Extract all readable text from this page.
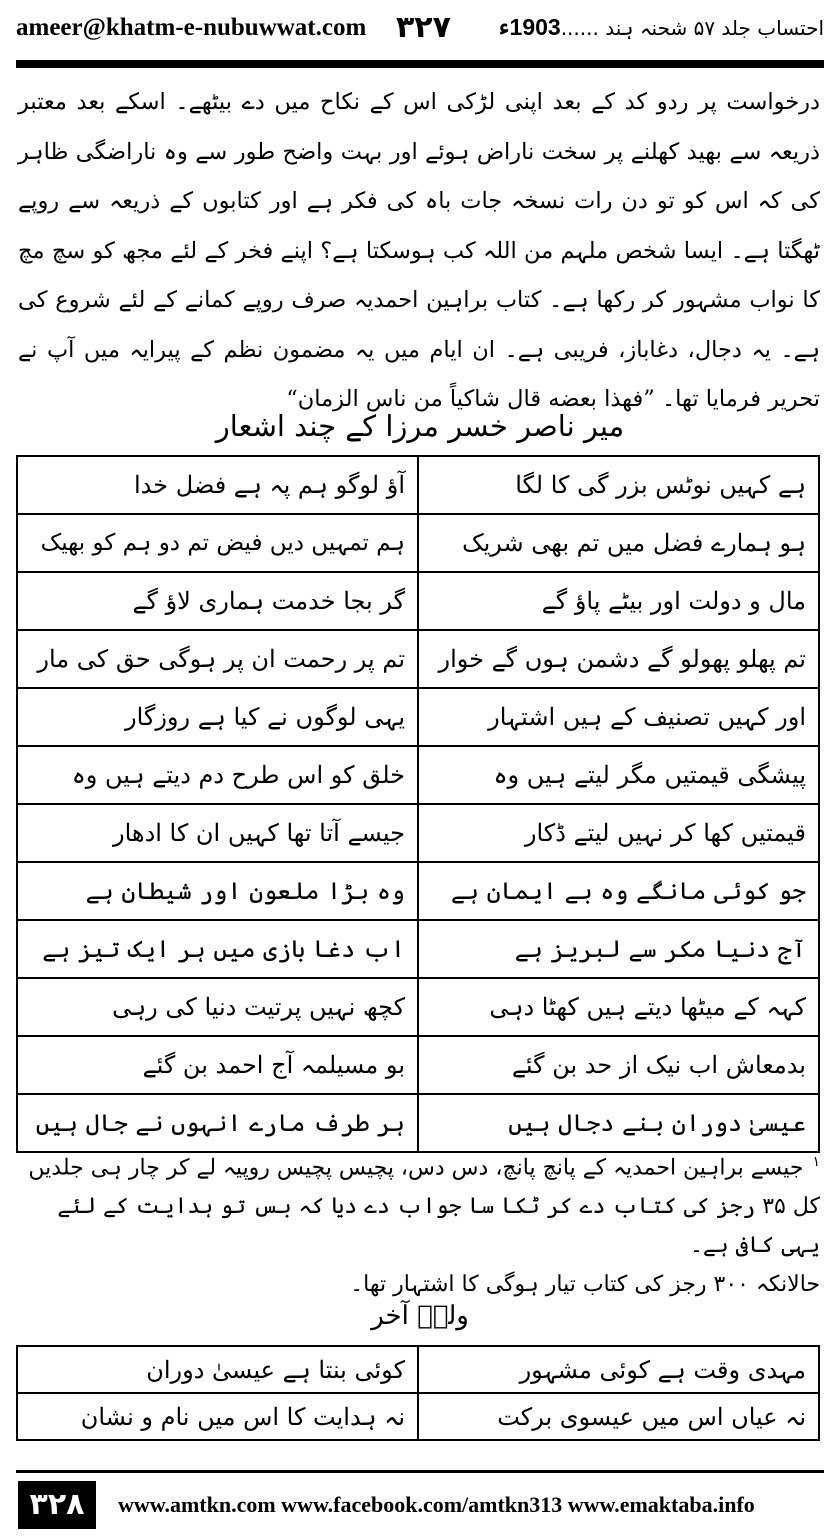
ameer@khatm-e-nubuwwat.com ۳۲۷	احتساب جلد ۵۷ شحنہ ہند ......1903ء
درخواست پر ردو کد کے بعد اپنی لڑکی اس کے نکاح میں دے بیٹھے۔ اسکے بعد معتبر ذریعہ سے بھید کھلنے پر سخت ناراض ہوئے اور بہت واضح طور سے وہ ناراضگی ظاہر کی کہ اس کو تو دن رات نسخہ جات باہ کی فکر ہے اور کتابوں کے ذریعہ سے روپے ٹھگتا ہے۔ ایسا شخص ملہم من اللہ کب ہوسکتا ہے؟ اپنے فخر کے لئے مجھ کو سچ مچ کا نواب مشہور کر رکھا ہے۔ کتاب براہین احمدیہ صرف روپے کمانے کے لئے شروع کی ہے۔ یہ دجال، دغاباز، فریبی ہے۔ ان ایام میں یہ مضمون نظم کے پیرایہ میں آپ نے تحریر فرمایا تھا۔ ”فھذا بعضه قال شاکیاً من ناس الزمان“
میر ناصر خسر مرزا کے چند اشعار
ہے کہیں نوٹس بزر گی کا لگا	آؤ لوگو ہم پہ ہے فضل خدا
ہو ہمارے فضل میں تم بھی شریک	ہم تمہیں دیں فیض تم دو ہم کو بھیک
مال و دولت اور بیٹے پاؤ گے	گر بجا خدمت ہماری لاؤ گے
تم پھلو پھولو گے دشمن ہوں گے خوار	تم پر رحمت ان پر ہوگی حق کی مار
اور کہیں تصنیف کے ہیں اشتہار	یہی لوگوں نے کیا ہے روزگار
پیشگی قیمتیں مگر لیتے ہیں وہ	خلق کو اس طرح دم دیتے ہیں وہ
قیمتیں کھا کر نہیں لیتے ڈکار	جیسے آتا تھا کہیں ان کا ادھار
جو کوئی مانگے وہ بے ایمان ہے	وہ بڑا ملعون اور شیطان ہے
آج دنیا مکر سے لبریز ہے	اب دغا بازی میں ہر ایک تیز ہے
کہہ کے میٹھا دیتے ہیں کھٹا دہی	کچھ نہیں پرتیت دنیا کی رہی
بدمعاش اب نیک از حد بن گئے	بو مسیلمہ آج احمد بن گئے
عیسیٰ دوران بنے دجال ہیں	ہر طرف مارے انہوں نے جال ہیں
$^۱$ جیسے براہین احمدیہ کے پانچ پانچ، دس دس، پچیس پچیس روپیہ لے کر چار ہی جلدیں
کل ۳۵ رجز کی کتاب دے کر ٹکا سا جواب دے دیا کہ بس تو ہدایت کے لئے یہی کافی ہے۔
حالانکہ ۳۰۰ رجز کی کتاب تیار ہوگی کا اشتہار تھا۔
ولہٗ آخر
مہدی وقت ہے کوئی مشہور	کوئی بنتا ہے عیسیٰ دوران
نہ عیاں اس میں عیسوی برکت	نہ ہدایت کا اس میں نام و نشان
۳۲۸	www.amtkn.com www.facebook.com/amtkn313 www.emaktaba.info
